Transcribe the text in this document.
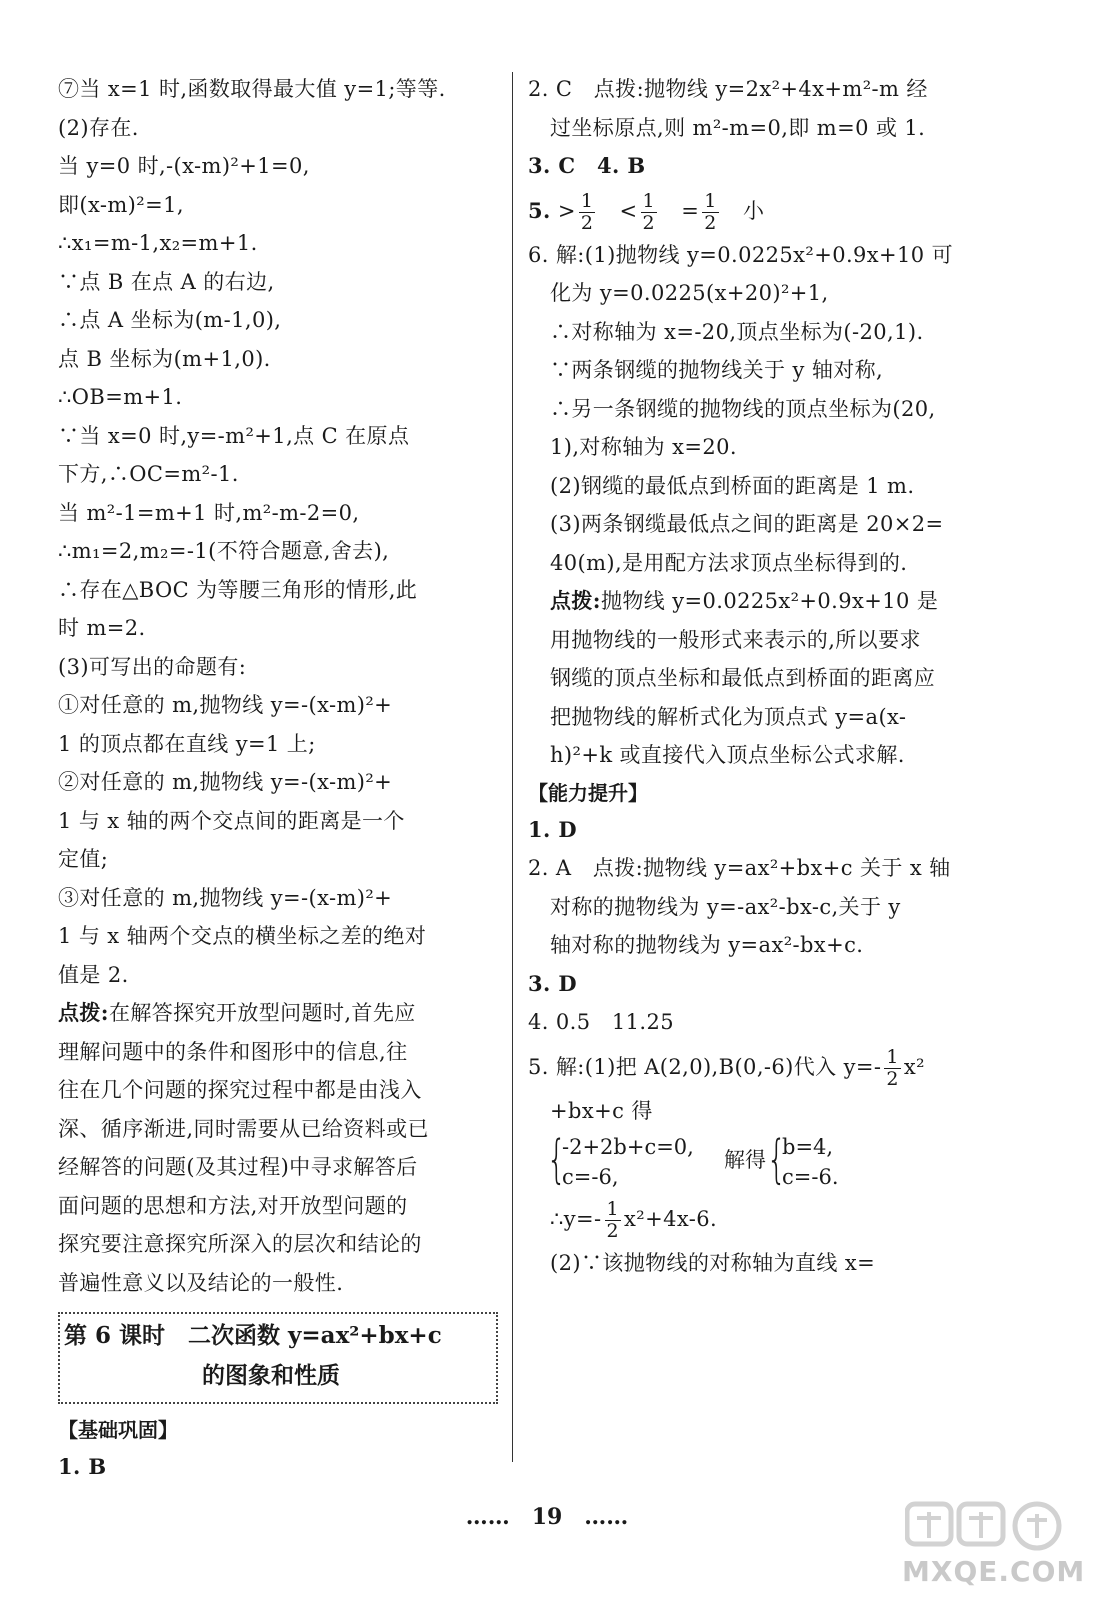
⑦当 x=1 时,函数取得最大值 y=1;等等.
(2)存在.
当 y=0 时,-(x-m)²+1=0,
即(x-m)²=1,
∴x₁=m-1,x₂=m+1.
∵点 B 在点 A 的右边,
∴点 A 坐标为(m-1,0),
点 B 坐标为(m+1,0).
∴OB=m+1.
∵当 x=0 时,y=-m²+1,点 C 在原点
下方,∴OC=m²-1.
当 m²-1=m+1 时,m²-m-2=0,
∴m₁=2,m₂=-1(不符合题意,舍去),
∴存在△BOC 为等腰三角形的情形,此
时 m=2.
(3)可写出的命题有:
①对任意的 m,抛物线 y=-(x-m)²+
1 的顶点都在直线 y=1 上;
②对任意的 m,抛物线 y=-(x-m)²+
1 与 x 轴的两个交点间的距离是一个
定值;
③对任意的 m,抛物线 y=-(x-m)²+
1 与 x 轴两个交点的横坐标之差的绝对
值是 2.
点拨:在解答探究开放型问题时,首先应
理解问题中的条件和图形中的信息,往
往在几个问题的探究过程中都是由浅入
深、循序渐进,同时需要从已给资料或已
经解答的问题(及其过程)中寻求解答后
面问题的思想和方法,对开放型问题的
探究要注意探究所深入的层次和结论的
普遍性意义以及结论的一般性.
第 6 课时　二次函数 y=ax²+bx+c
的图象和性质
【基础巩固】
1. B
2. C　点拨:抛物线 y=2x²+4x+m²-m 经
过坐标原点,则 m²-m=0,即 m=0 或 1.
3. C　4. B
5. > $\frac{1}{2} < \frac{1}{2} = \frac{1}{2}$ 小
6. 解:(1)抛物线 y=0.0225x²+0.9x+10 可
化为 y=0.0225(x+20)²+1,
∴对称轴为 x=-20,顶点坐标为(-20,1).
∵两条钢缆的抛物线关于 y 轴对称,
∴另一条钢缆的抛物线的顶点坐标为(20,
1),对称轴为 x=20.
(2)钢缆的最低点到桥面的距离是 1 m.
(3)两条钢缆最低点之间的距离是 20×2=
40(m),是用配方法求顶点坐标得到的.
点拨:抛物线 y=0.0225x²+0.9x+10 是
用抛物线的一般形式来表示的,所以要求
钢缆的顶点坐标和最低点到桥面的距离应
把抛物线的解析式化为顶点式 y=a(x-
h)²+k 或直接代入顶点坐标公式求解.
【能力提升】
1. D
2. A　点拨:抛物线 y=ax²+bx+c 关于 x 轴
对称的抛物线为 y=-ax²-bx-c,关于 y
轴对称的抛物线为 y=ax²-bx+c.
3. D
4. 0.5　11.25
5. 解:(1)把 A(2,0),B(0,-6)代入 $y=- \frac{1}{2} x^2$
+bx+c 得
{
-2+2b+c=0,
c=-6,
解得 {
b=4,
c=-6.
∴y=- $\frac{1}{2} x^2+4x-6$.
(2)∵该抛物线的对称轴为直线 x=
……　19　……
MXQE.COM
